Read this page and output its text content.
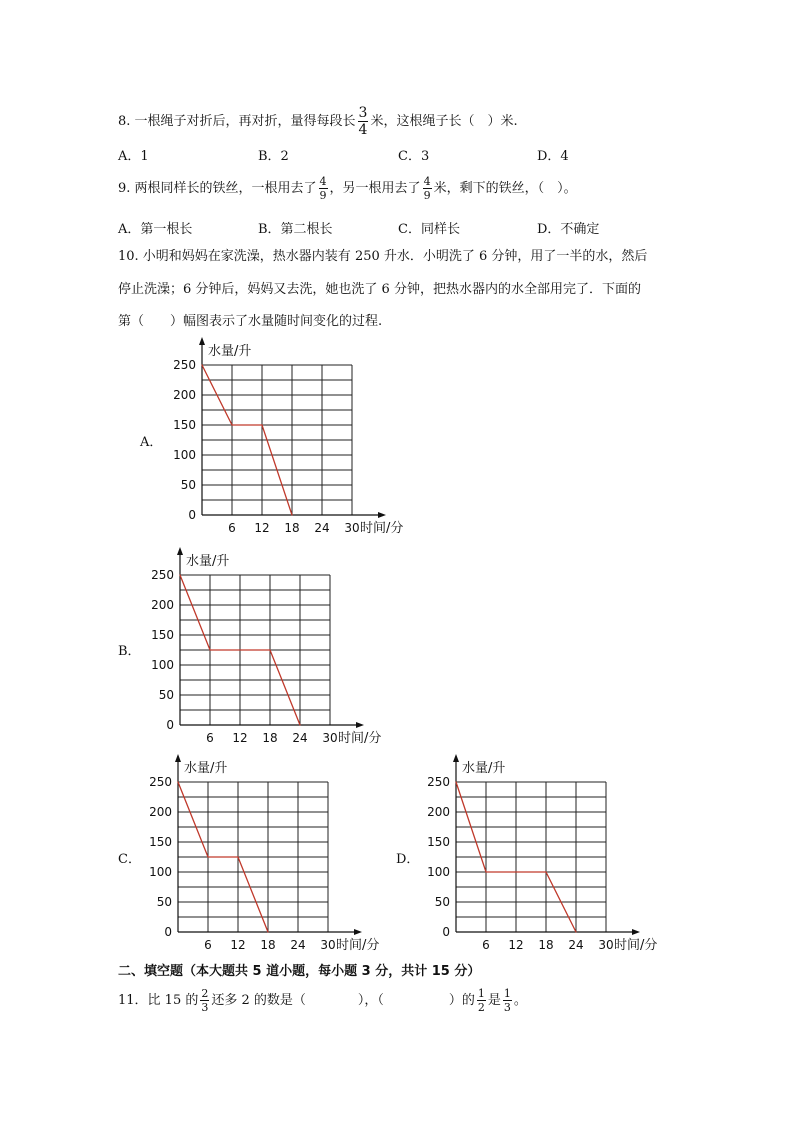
8. 一根绳子对折后，再对折，量得每段长 $\frac{3}{4}$ 米，这根绳子长（　）米.
A．1	B．2	C．3	D．4
9. 两根同样长的铁丝，一根用去了 $\frac{4}{9}$ ，另一根用去了 $\frac{4}{9}$ 米，剩下的铁丝，（　）。
A．第一根长	B．第二根长	C．同样长	D．不确定
10. 小明和妈妈在家洗澡，热水器内装有 250 升水．小明洗了 6 分钟，用了一半的水，然后
停止洗澡；6 分钟后，妈妈又去洗，她也洗了 6 分钟，把热水器内的水全部用完了．下面的
第（　　）幅图表示了水量随时间变化的过程.
A．
B．
C．	D．
0
50
100
150
200
250
6 12 18 24 30
水量/升
时间/分
0
50
100
150
200
250
6 12 18 24 30
水量/升
时间/分
0
50
100
150
200
250
6 12 18 24 30
水量/升
时间/分
0
50
100
150
200
250
6 12 18 24 30
水量/升
时间/分
二、填空题（本大题共 5 道小题，每小题 3 分，共计 15 分）
11．比 15 的 $\frac{2}{3}$ 还多 2 的数是（　　　　），（　　　　　）的 $\frac{1}{2}$ 是 $\frac{1}{3}$ 。
